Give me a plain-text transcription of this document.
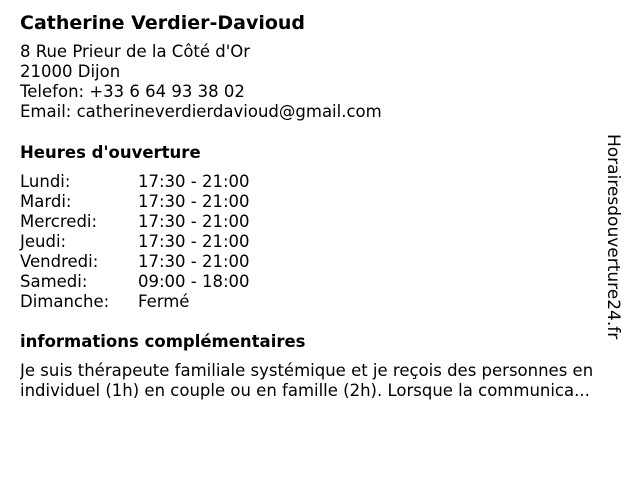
Catherine Verdier-Davioud
8 Rue Prieur de la Côté d'Or
21000 Dijon
Telefon: +33 6 64 93 38 02
Email: catherineverdierdavioud@gmail.com
Heures d'ouverture
Lundi:	17:30 - 21:00
Mardi:	17:30 - 21:00
Mercredi:	17:30 - 21:00
Jeudi:	17:30 - 21:00
Vendredi:	17:30 - 21:00
Samedi:	09:00 - 18:00
Dimanche:	Fermé
informations complémentaires
Je suis thérapeute familiale systémique et je reçois des personnes en individuel (1h) en couple ou en famille (2h). Lorsque la communica...
Horairesdouverture24.fr
